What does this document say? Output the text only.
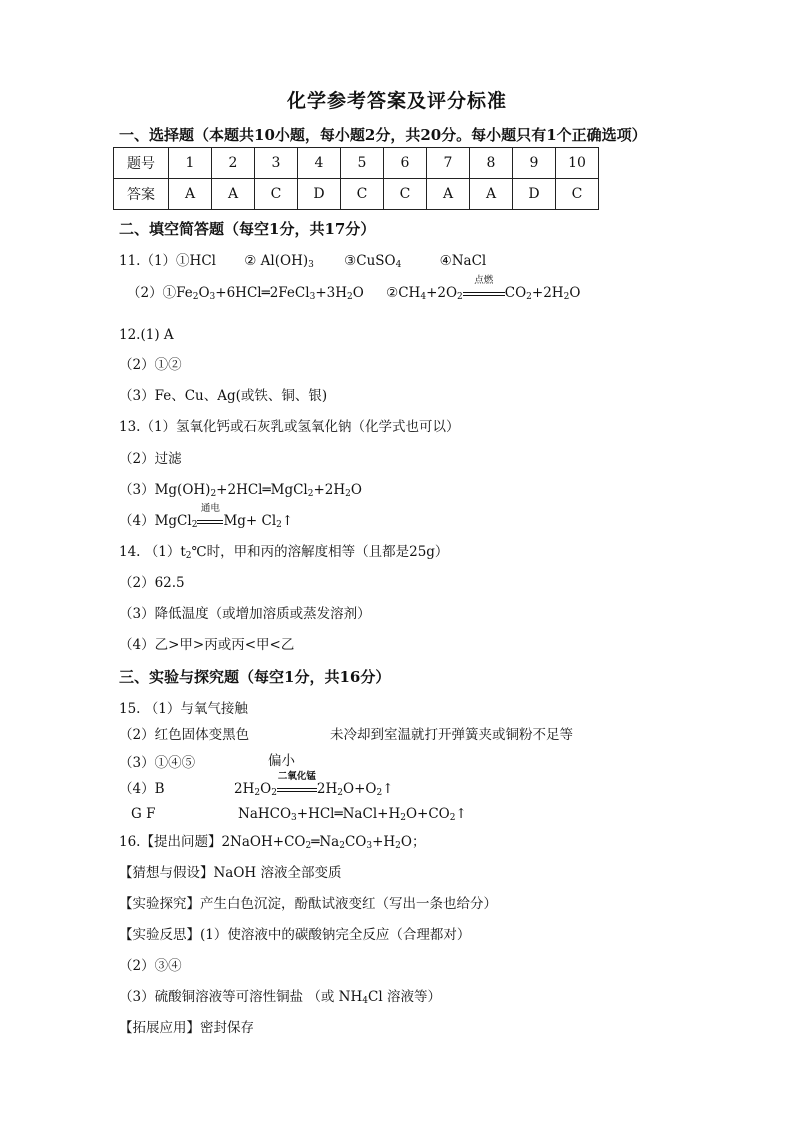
化学参考答案及评分标准
一、选择题（本题共10小题，每小题2分，共20分。每小题只有1个正确选项）
题号	1	2	3	4	5	6	7	8	9	10
答案	A	A	C	D	C	C	A	A	D	C
二、填空简答题（每空1分，共17分）
11.（1）①HCl ② $Al(OH)_3$ ③CuSO$_4$	④NaCl
$(2)①Fe_2O_3+6HCl═2FeCl_3+3H_2O$ $②CH_4+2O_2$
点燃
$CO_2+2H_2O$
12.(1) A
（2）①②
（3）Fe、Cu、Ag(或铁、铜、银)
13.（1）氢氧化钙或石灰乳或氢氧化钠（化学式也可以）
（2）过滤
$(3)Mg(OH)_2+2HCl═MgCl_2+2H_2O$
（4）MgCl$_2$
通电
$Mg+ Cl_2↑$
14. $(1)t_2℃$时，甲和丙的溶解度相等（且都是25g）
（2）62.5
（3）降低温度（或增加溶质或蒸发溶剂）
（4）乙>甲>丙或丙<甲<乙
三、实验与探究题（每空1分，共16分）
15. （1）与氧气接触
（2）红色固体变黑色	未冷却到室温就打开弹簧夹或铜粉不足等
偏小
（3）①④⑤
（4）B	$2H_2O_2$
二氧化锰
$2H_2O+O_2↑$
G F	$NaHCO_3+HCl═NaCl+H_2O+CO_2↑$
16.【提出问题】$2NaOH+CO_2═Na_2CO_3+H_2O$；
【猜想与假设】NaOH 溶液全部变质
【实验探究】产生白色沉淀，酚酞试液变红（写出一条也给分）
【实验反思】(1）使溶液中的碳酸钠完全反应（合理都对）
（2）③④
（3）硫酸铜溶液等可溶性铜盐 （或 $NH_4Cl$ 溶液等）
【拓展应用】密封保存
